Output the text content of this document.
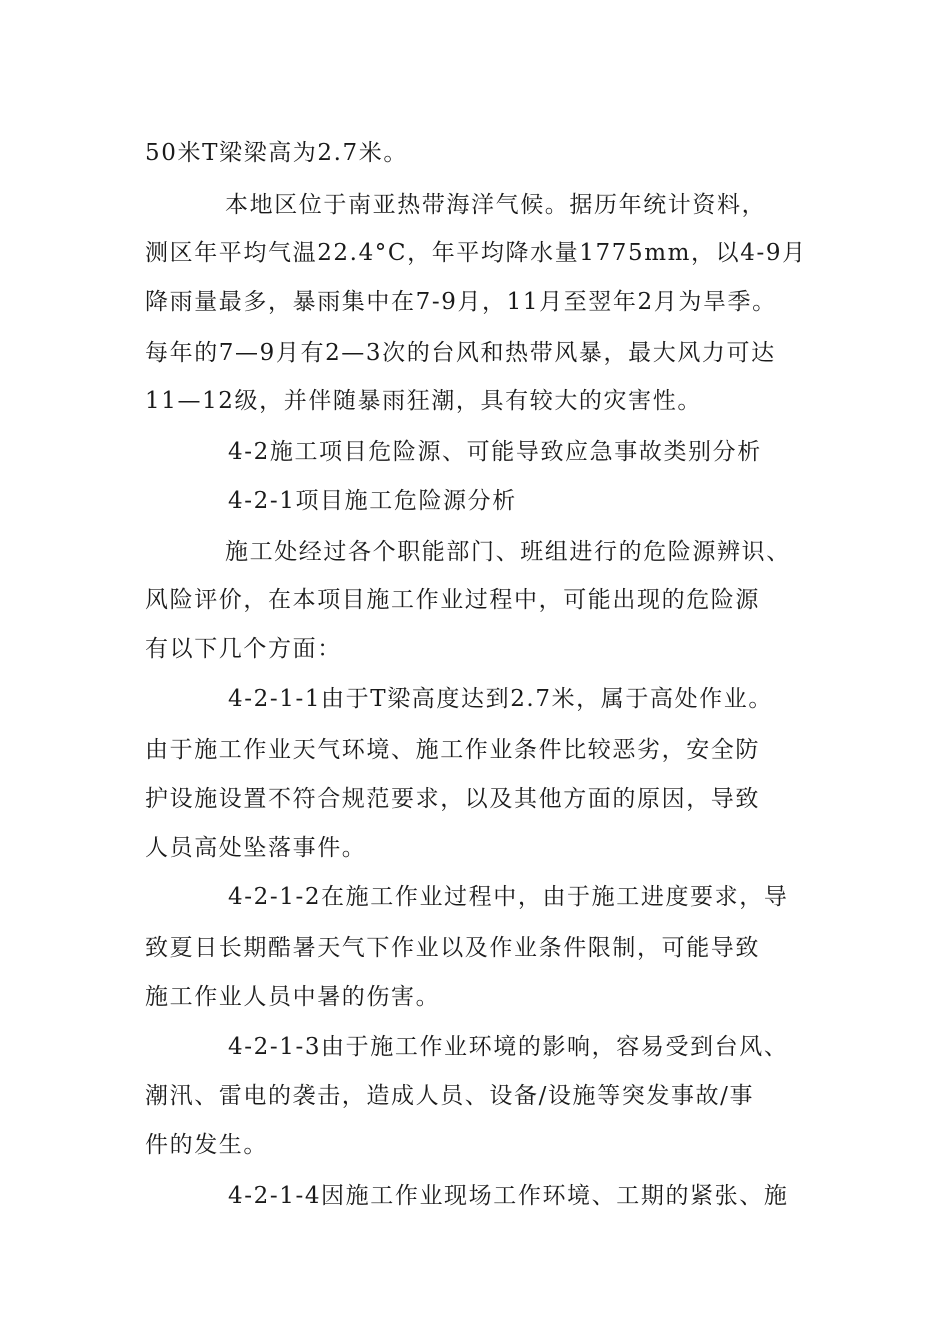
50米T梁梁高为2.7米。
本地区位于南亚热带海洋气候。据历年统计资料，
测区年平均气温22.4°C，年平均降水量1775mm，以4-9月
降雨量最多，暴雨集中在7-9月，11月至翌年2月为旱季。
每年的7—9月有2—3次的台风和热带风暴，最大风力可达
11—12级，并伴随暴雨狂潮，具有较大的灾害性。
4-2施工项目危险源、可能导致应急事故类别分析
4-2-1项目施工危险源分析
施工处经过各个职能部门、班组进行的危险源辨识、
风险评价，在本项目施工作业过程中，可能出现的危险源
有以下几个方面：
4-2-1-1由于T梁高度达到2.7米，属于高处作业。
由于施工作业天气环境、施工作业条件比较恶劣，安全防
护设施设置不符合规范要求，以及其他方面的原因，导致
人员高处坠落事件。
4-2-1-2在施工作业过程中，由于施工进度要求，导
致夏日长期酷暑天气下作业以及作业条件限制，可能导致
施工作业人员中暑的伤害。
4-2-1-3由于施工作业环境的影响，容易受到台风、
潮汛、雷电的袭击，造成人员、设备/设施等突发事故/事
件的发生。
4-2-1-4因施工作业现场工作环境、工期的紧张、施
